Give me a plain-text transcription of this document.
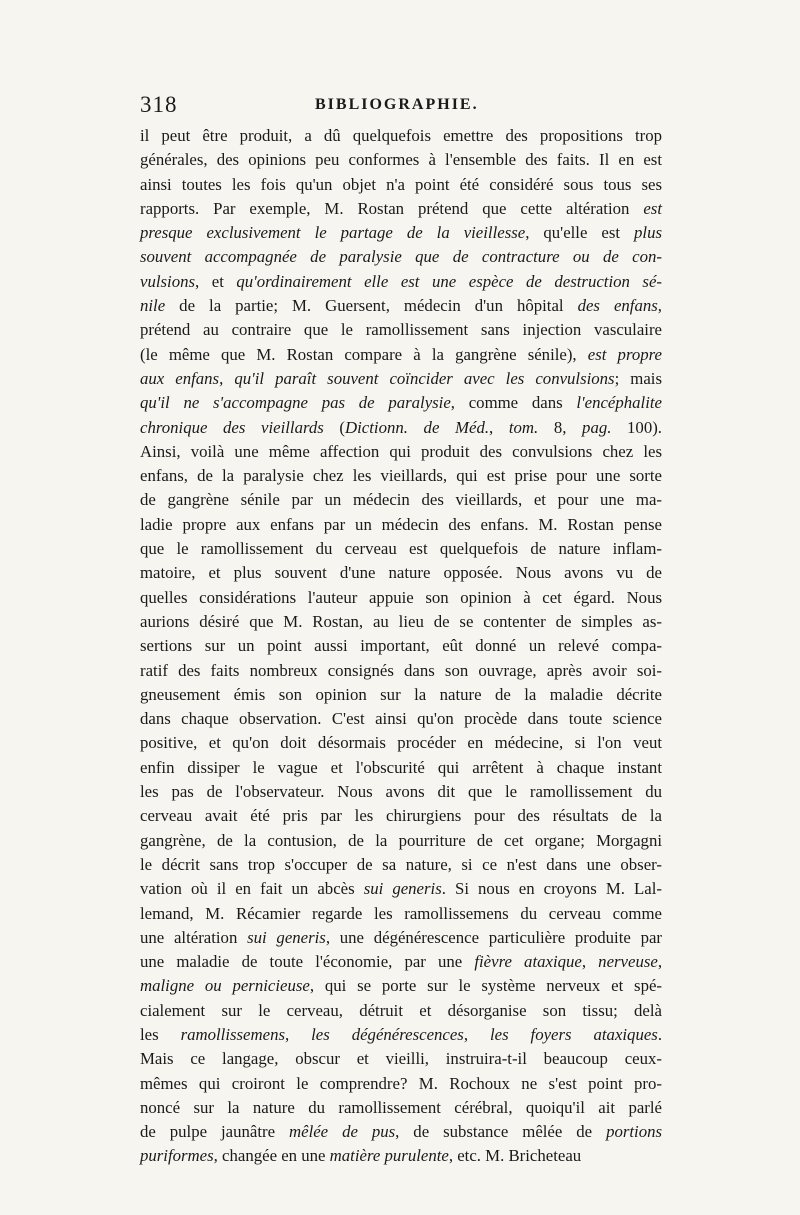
318	BIBLIOGRAPHIE.
il peut être produit, a dû quelquefois emettre des propositions trop
générales, des opinions peu conformes à l'ensemble des faits. Il en est
ainsi toutes les fois qu'un objet n'a point été considéré sous tous ses
rapports. Par exemple, M. Rostan prétend que cette altération est
presque exclusivement le partage de la vieillesse, qu'elle est plus
souvent accompagnée de paralysie que de contracture ou de con-
vulsions, et qu'ordinairement elle est une espèce de destruction sé-
nile de la partie; M. Guersent, médecin d'un hôpital des enfans,
prétend au contraire que le ramollissement sans injection vasculaire
(le même que M. Rostan compare à la gangrène sénile), est propre
aux enfans, qu'il paraît souvent coïncider avec les convulsions; mais
qu'il ne s'accompagne pas de paralysie, comme dans l'encéphalite
chronique des vieillards (Dictionn. de Méd., tom. 8, pag. 100).
Ainsi, voilà une même affection qui produit des convulsions chez les
enfans, de la paralysie chez les vieillards, qui est prise pour une sorte
de gangrène sénile par un médecin des vieillards, et pour une ma-
ladie propre aux enfans par un médecin des enfans. M. Rostan pense
que le ramollissement du cerveau est quelquefois de nature inflam-
matoire, et plus souvent d'une nature opposée. Nous avons vu de
quelles considérations l'auteur appuie son opinion à cet égard. Nous
aurions désiré que M. Rostan, au lieu de se contenter de simples as-
sertions sur un point aussi important, eût donné un relevé compa-
ratif des faits nombreux consignés dans son ouvrage, après avoir soi-
gneusement émis son opinion sur la nature de la maladie décrite
dans chaque observation. C'est ainsi qu'on procède dans toute science
positive, et qu'on doit désormais procéder en médecine, si l'on veut
enfin dissiper le vague et l'obscurité qui arrêtent à chaque instant
les pas de l'observateur. Nous avons dit que le ramollissement du
cerveau avait été pris par les chirurgiens pour des résultats de la
gangrène, de la contusion, de la pourriture de cet organe; Morgagni
le décrit sans trop s'occuper de sa nature, si ce n'est dans une obser-
vation où il en fait un abcès sui generis. Si nous en croyons M. Lal-
lemand, M. Récamier regarde les ramollissemens du cerveau comme
une altération sui generis, une dégénérescence particulière produite par
une maladie de toute l'économie, par une fièvre ataxique, nerveuse,
maligne ou pernicieuse, qui se porte sur le système nerveux et spé-
cialement sur le cerveau, détruit et désorganise son tissu; delà
les ramollissemens, les dégénérescences, les foyers ataxiques.
Mais ce langage, obscur et vieilli, instruira-t-il beaucoup ceux-
mêmes qui croiront le comprendre? M. Rochoux ne s'est point pro-
noncé sur la nature du ramollissement cérébral, quoiqu'il ait parlé
de pulpe jaunâtre mêlée de pus, de substance mêlée de portions
puriformes, changée en une matière purulente, etc. M. Bricheteau
